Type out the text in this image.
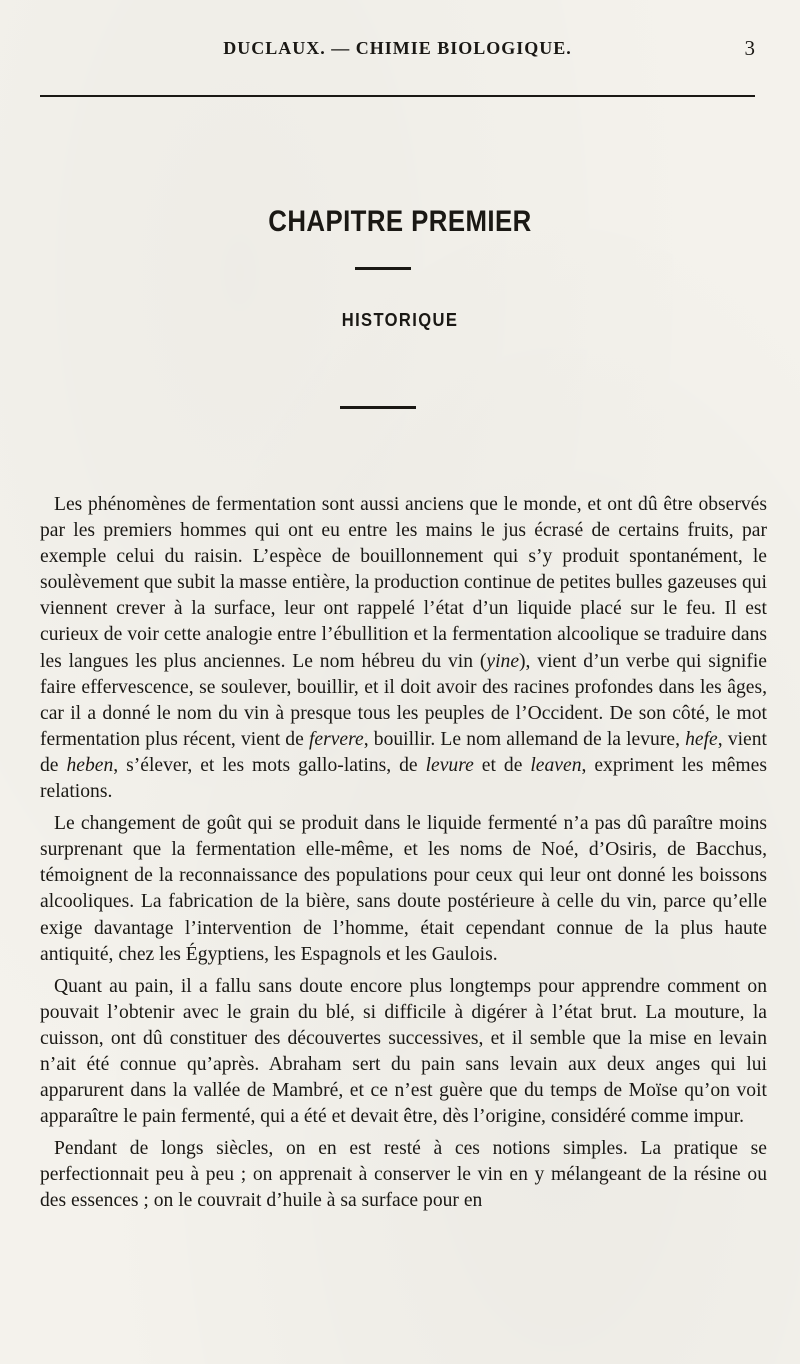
DUCLAUX. — CHIMIE BIOLOGIQUE.	3
CHAPITRE PREMIER
HISTORIQUE

Les phénomènes de fermentation sont aussi anciens que le monde, et ont dû être observés par les premiers hommes qui ont eu entre les mains le jus écrasé de certains fruits, par exemple celui du raisin. L’espèce de bouillonnement qui s’y produit spontanément, le soulèvement que subit la masse entière, la production continue de petites bulles gazeuses qui viennent crever à la surface, leur ont rappelé l’état d’un liquide placé sur le feu. Il est curieux de voir cette analogie entre l’ébullition et la fermentation alcoolique se traduire dans les langues les plus anciennes. Le nom hébreu du vin (yine), vient d’un verbe qui signifie faire effervescence, se soulever, bouillir, et il doit avoir des racines profondes dans les âges, car il a donné le nom du vin à presque tous les peuples de l’Occident. De son côté, le mot fermentation plus récent, vient de fervere, bouillir. Le nom allemand de la levure, hefe, vient de heben, s’élever, et les mots gallo-latins, de levure et de leaven, expriment les mêmes relations.

Le changement de goût qui se produit dans le liquide fermenté n’a pas dû paraître moins surprenant que la fermentation elle-même, et les noms de Noé, d’Osiris, de Bacchus, témoignent de la reconnaissance des populations pour ceux qui leur ont donné les boissons alcooliques. La fabrication de la bière, sans doute postérieure à celle du vin, parce qu’elle exige davantage l’intervention de l’homme, était cependant connue de la plus haute antiquité, chez les Égyptiens, les Espagnols et les Gaulois.

Quant au pain, il a fallu sans doute encore plus longtemps pour apprendre comment on pouvait l’obtenir avec le grain du blé, si difficile à digérer à l’état brut. La mouture, la cuisson, ont dû constituer des découvertes successives, et il semble que la mise en levain n’ait été connue qu’après. Abraham sert du pain sans levain aux deux anges qui lui apparurent dans la vallée de Mambré, et ce n’est guère que du temps de Moïse qu’on voit apparaître le pain fermenté, qui a été et devait être, dès l’origine, considéré comme impur.

Pendant de longs siècles, on en est resté à ces notions simples. La pratique se perfectionnait peu à peu ; on apprenait à conserver le vin en y mélangeant de la résine ou des essences ; on le couvrait d’huile à sa surface pour en
